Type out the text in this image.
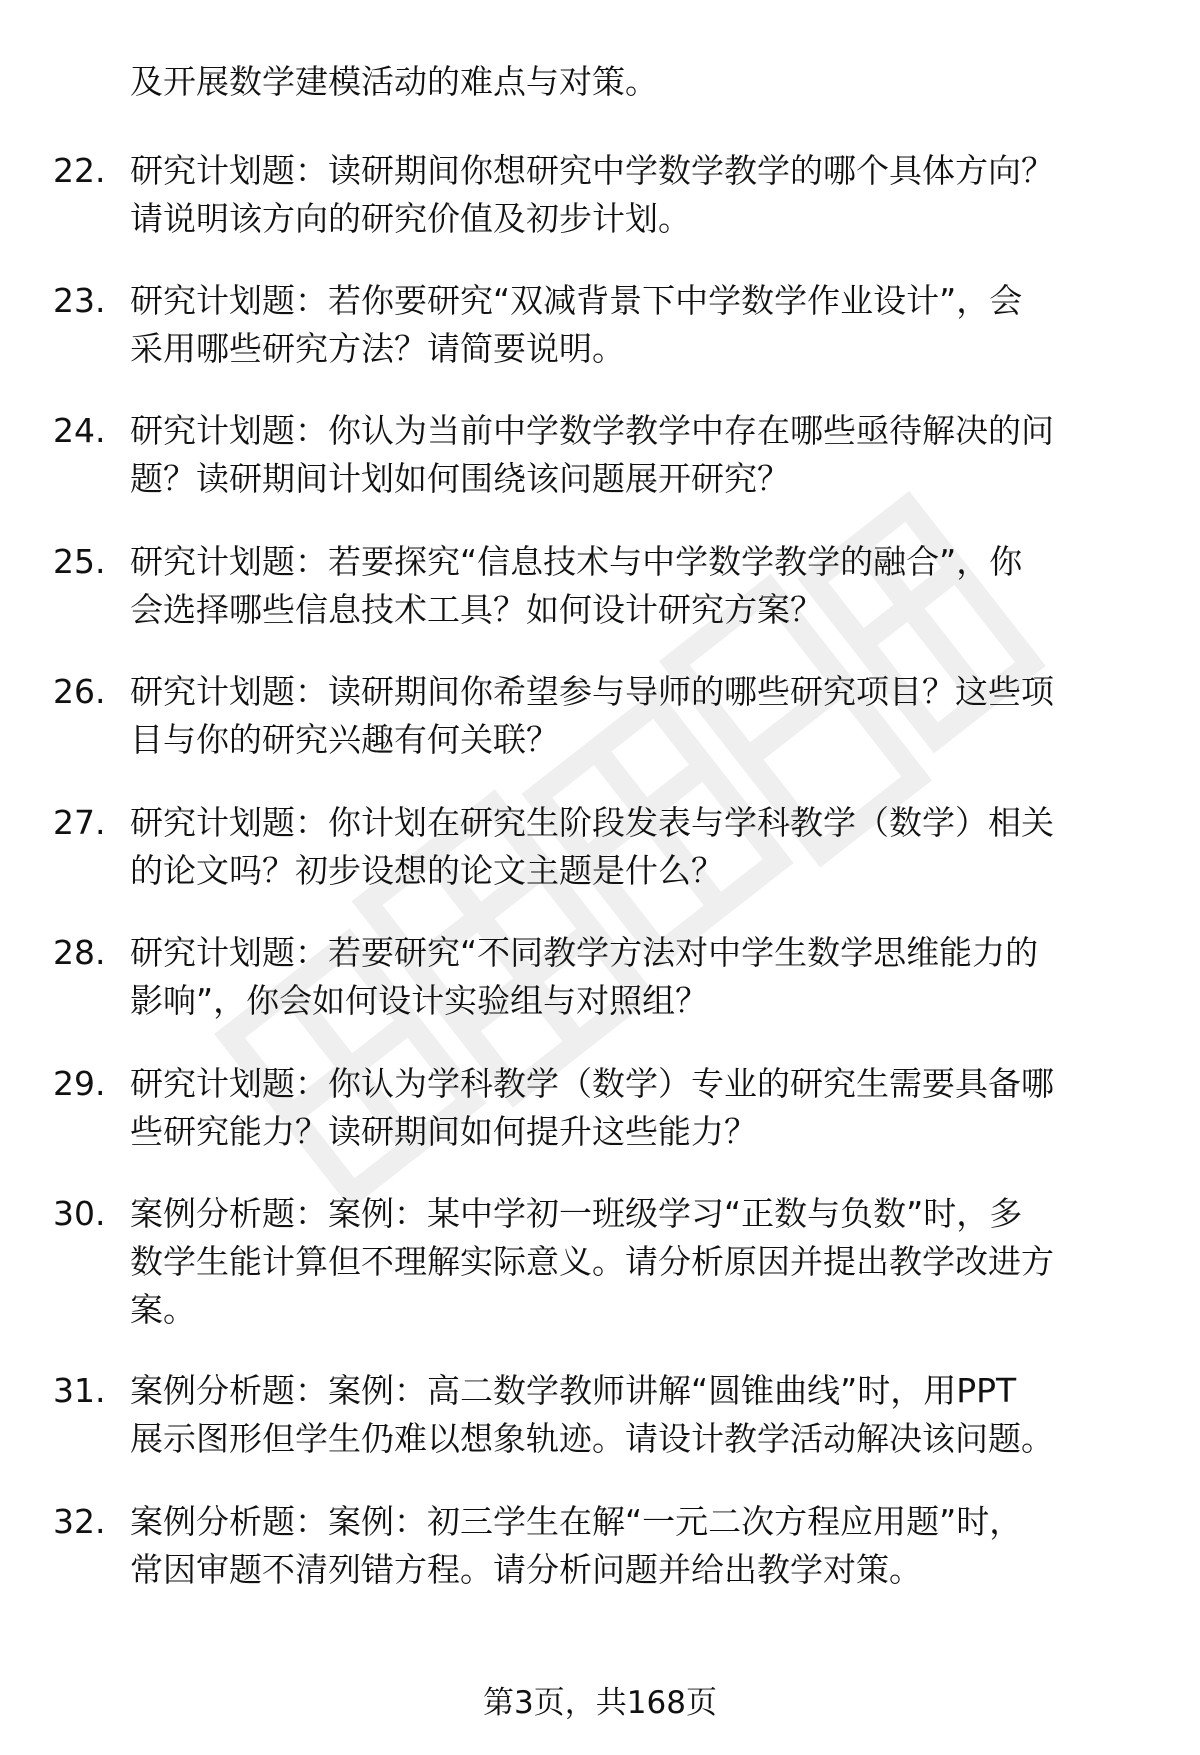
及开展数学建模活动的难点与对策。
22. 研究计划题：读研期间你想研究中学数学教学的哪个具体方向？
请说明该方向的研究价值及初步计划。
23. 研究计划题：若你要研究“双减背景下中学数学作业设计”，会
采用哪些研究方法？请简要说明。
24. 研究计划题：你认为当前中学数学教学中存在哪些亟待解决的问
题？读研期间计划如何围绕该问题展开研究？
25. 研究计划题：若要探究“信息技术与中学数学教学的融合”，你
会选择哪些信息技术工具？如何设计研究方案？
26. 研究计划题：读研期间你希望参与导师的哪些研究项目？这些项
目与你的研究兴趣有何关联？
27. 研究计划题：你计划在研究生阶段发表与学科教学（数学）相关
的论文吗？初步设想的论文主题是什么？
28. 研究计划题：若要研究“不同教学方法对中学生数学思维能力的
影响”，你会如何设计实验组与对照组？
29. 研究计划题：你认为学科教学（数学）专业的研究生需要具备哪
些研究能力？读研期间如何提升这些能力？
30. 案例分析题：案例：某中学初一班级学习“正数与负数”时，多
数学生能计算但不理解实际意义。请分析原因并提出教学改进方
案。
31. 案例分析题：案例：高二数学教师讲解“圆锥曲线”时，用PPT
展示图形但学生仍难以想象轨迹。请设计教学活动解决该问题。
32. 案例分析题：案例：初三学生在解“一元二次方程应用题”时，
常因审题不清列错方程。请分析问题并给出教学对策。
第3页，共168页
